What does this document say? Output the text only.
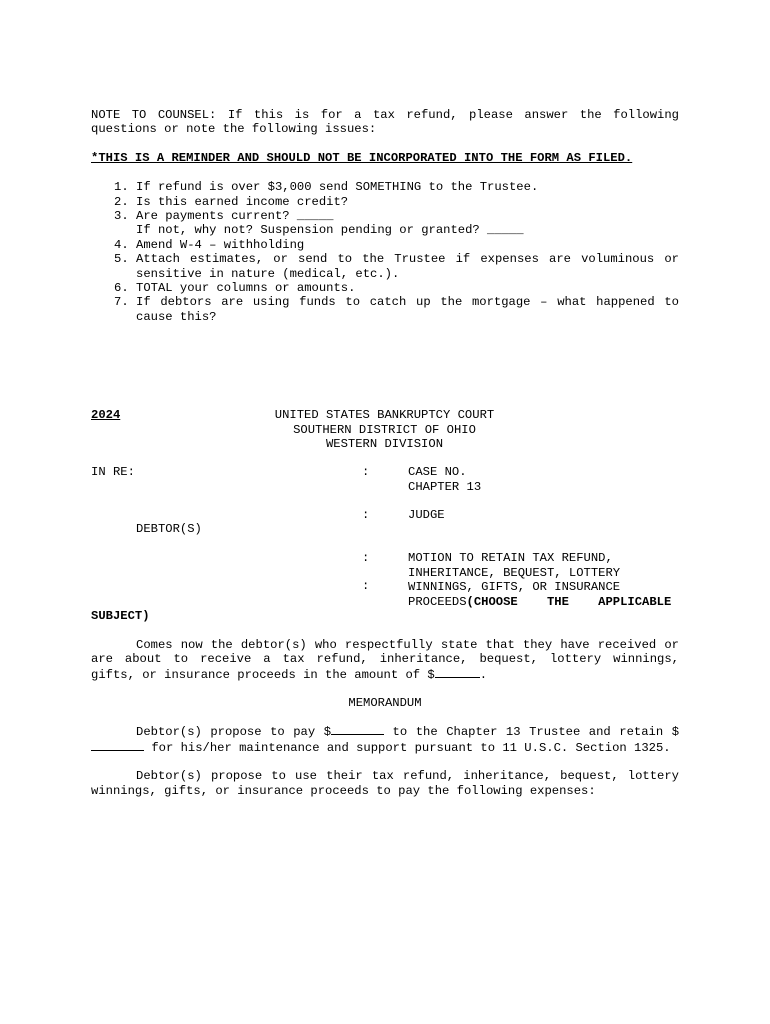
NOTE TO COUNSEL: If this is for a tax refund, please answer the following questions or note the following issues:

*THIS IS A REMINDER AND SHOULD NOT BE INCORPORATED INTO THE FORM AS FILED.

1. If refund is over $3,000 send SOMETHING to the Trustee.
2. Is this earned income credit?
3. Are payments current? _____
If not, why not? Suspension pending or granted? _____
4. Amend W-4 – withholding
5. Attach estimates, or send to the Trustee if expenses are voluminous or sensitive in nature (medical, etc.).
6. TOTAL your columns or amounts.
7. If debtors are using funds to catch up the mortgage – what happened to cause this?
2024	UNITED STATES BANKRUPTCY COURT
SOUTHERN DISTRICT OF OHIO
WESTERN DIVISION
IN RE:	:	CASE NO.
CHAPTER 13
:	JUDGE
DEBTOR(S)
:
:
MOTION TO RETAIN TAX REFUND,
INHERITANCE, BEQUEST, LOTTERY
WINNINGS, GIFTS, OR INSURANCE
PROCEEDS(CHOOSE    THE    APPLICABLE

SUBJECT)

Comes now the debtor(s) who respectfully state that they have received or are about to receive a tax refund, inheritance, bequest, lottery winnings, gifts, or insurance proceeds in the amount of $	.

MEMORANDUM

Debtor(s) propose to pay $	to the Chapter 13 Trustee and retain $ for his/her maintenance and support pursuant to 11 U.S.C. Section 1325.

Debtor(s) propose to use their tax refund, inheritance, bequest, lottery winnings, gifts, or insurance proceeds to pay the following expenses:
